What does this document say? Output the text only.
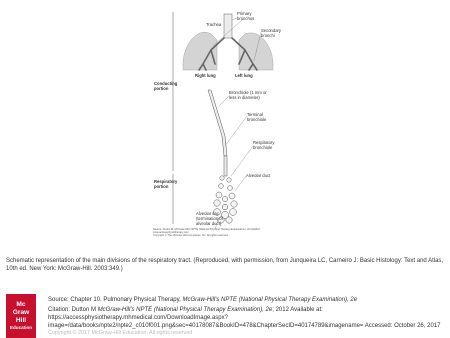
Trachea
Primary
bronchus
Secondary
bronchi
Right lung	Left lung
Conducting
portion
Bronchiole (1 mm or
less in diameter)
Terminal
bronchiole
Respiratory
bronchiole
Alveolar duct
Respiratory
portion
Alveolar sac
(termination of
alveolar duct)
Source: Dutton M: McGraw-Hill's NPTE (National Physical Therapy Examination), 2nd Edition:
www.accessphysiotherapy.com
Copyright © The McGraw-Hill Companies, Inc. All rights reserved.
Schematic representation of the main divisions of the respiratory tract. (Reproduced, with permission, from Junqueira LC, Carneiro J: Basic Histology: Text and Atlas, 10th ed. New York: McGraw-Hill. 2003:349.)
Mc
Graw
Hill
Education
Source: Chapter 10. Pulmonary Physical Therapy, McGraw-Hill's NPTE (National Physical Therapy Examination), 2e
Citation: Dutton M McGraw-Hill's NPTE (National Physical Therapy Examination), 2e; 2012 Available at: https://accessphysiotherapy.mhmedical.com/DownloadImage.aspx?image=/data/books/npte2/npte2_c010f001.png&sec=40178087&BookID=478&ChapterSecID=40174789&imagename= Accessed: October 26, 2017
Copyright © 2017 McGraw-Hill Education. All rights reserved
